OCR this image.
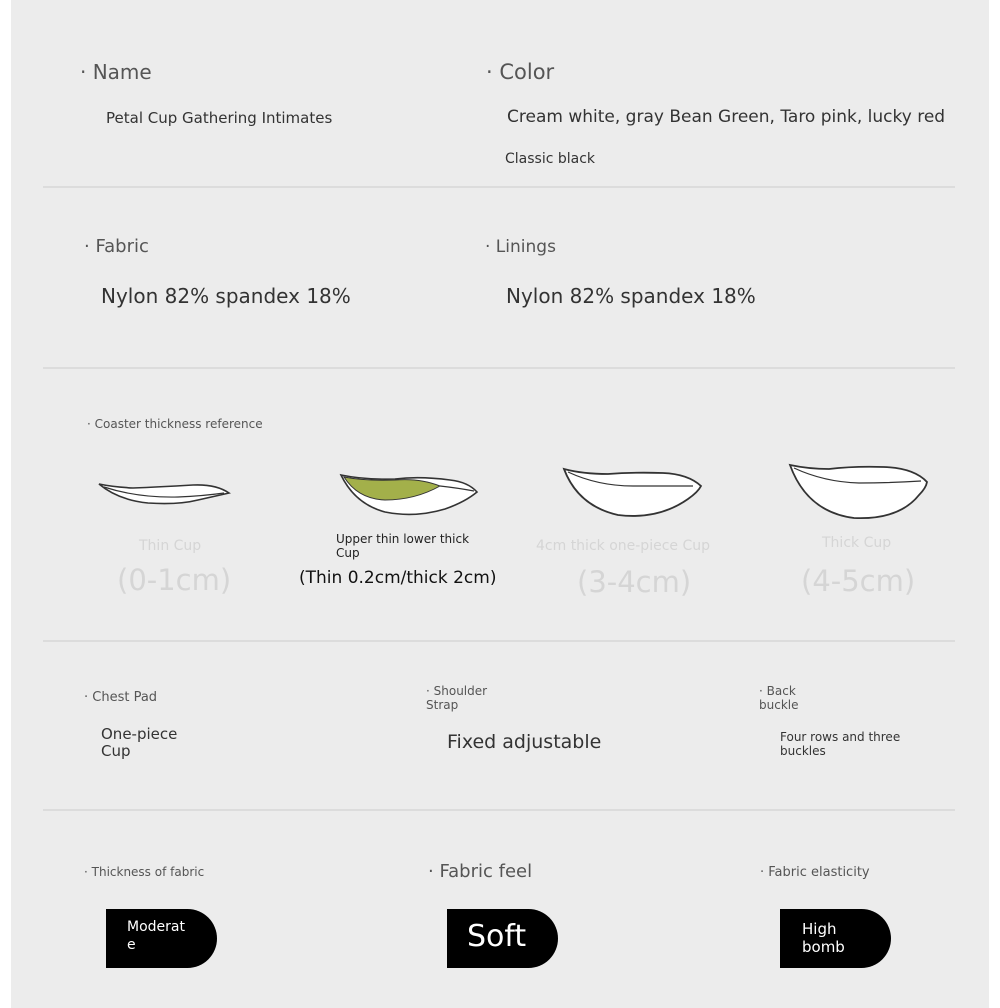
· Name
Petal Cup Gathering Intimates
· Color
Cream white, gray Bean Green, Taro pink, lucky red
Classic black
· Fabric
Nylon 82% spandex 18%
· Linings
Nylon 82% spandex 18%
· Coaster thickness reference
Thin Cup
(0-1cm)
Upper thin lower thick
Cup
(Thin 0.2cm/thick 2cm)
4cm thick one-piece Cup
(3-4cm)
Thick Cup
(4-5cm)
· Chest Pad
One-piece
Cup
· Shoulder
Strap
Fixed adjustable
· Back
buckle
Four rows and three
buckles
· Thickness of fabric
Moderat
e
· Fabric feel
Soft
· Fabric elasticity
High
bomb
